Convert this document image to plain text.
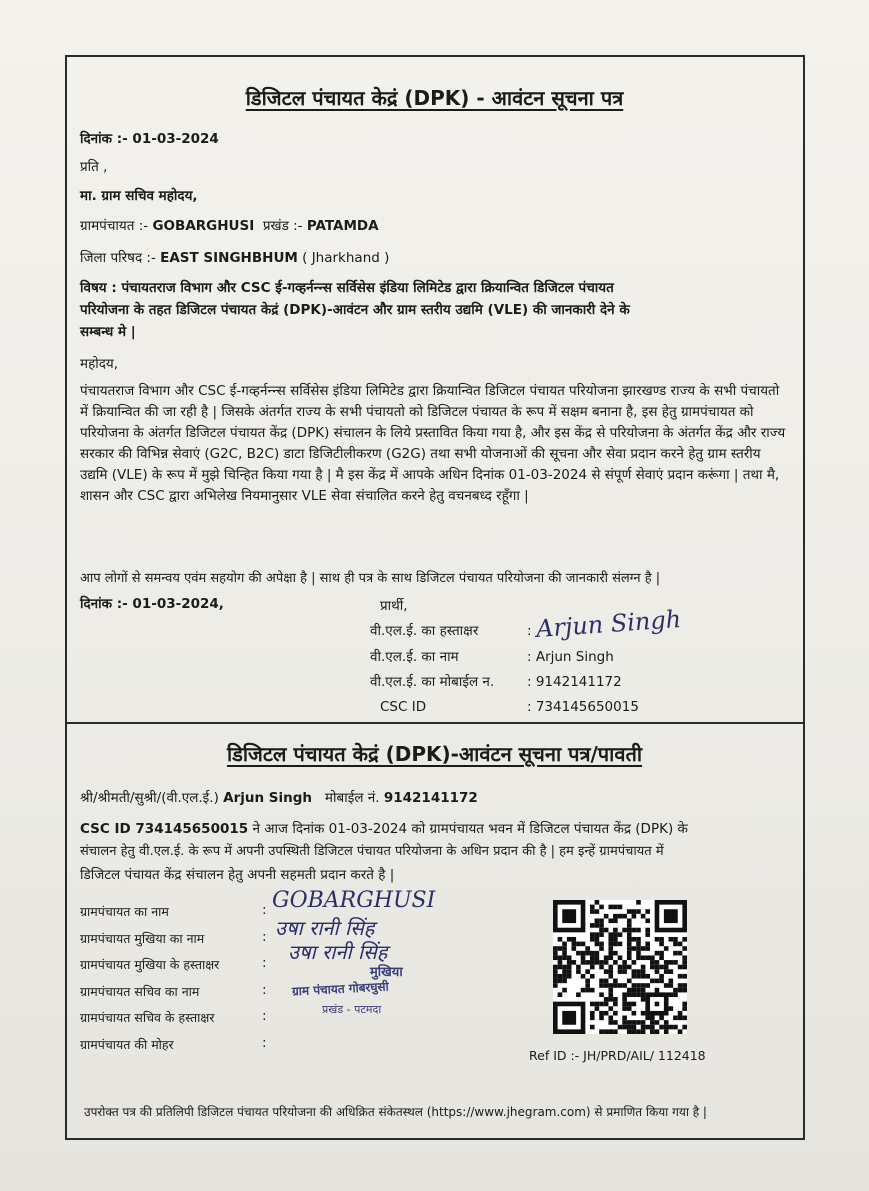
डिजिटल पंचायत केद्रं (DPK) - आवंटन सूचना पत्र
दिनांक :- 01-03-2024
प्रति ,
मा. ग्राम सचिव महोदय,
ग्रामपंचायत :- GOBARGHUSI प्रखंड :- PATAMDA
जिला परिषद :- EAST SINGHBHUM ( Jharkhand )
विषय : पंचायतराज विभाग और CSC ई-गव्हर्नन्न्स सर्विसेस इंडिया लिमिटेड द्वारा क्रियान्वित डिजिटल पंचायत
परियोजना के तहत डिजिटल पंचायत केद्रं (DPK)-आवंटन और ग्राम स्तरीय उद्यमि (VLE) की जानकारी देने के
सम्बन्ध मे |
महोदय,
पंचायतराज विभाग और CSC ई-गव्हर्नन्न्स सर्विसेस इंडिया लिमिटेड द्वारा क्रियान्वित डिजिटल पंचायत परियोजना झारखण्ड राज्य के सभी पंचायतो में क्रियान्वित की जा रही है | जिसके अंतर्गत राज्य के सभी पंचायतो को डिजिटल पंचायत के रूप में सक्षम बनाना है, इस हेतु ग्रामपंचायत को परियोजना के अंतर्गत डिजिटल पंचायत केंद्र (DPK) संचालन के लिये प्रस्तावित किया गया है, और इस केंद्र से परियोजना के अंतर्गत केंद्र और राज्य सरकार की विभिन्न सेवाएं (G2C, B2C) डाटा डिजिटीलीकरण (G2G) तथा सभी योजनाओं की सूचना और सेवा प्रदान करने हेतु ग्राम स्तरीय उद्यमि (VLE) के रूप में मुझे चिन्हित किया गया है | मै इस केंद्र में आपके अधिन दिनांक 01-03-2024 से संपूर्ण सेवाएं प्रदान करूंगा | तथा मै, शासन और CSC द्वारा अभिलेख नियमानुसार VLE सेवा संचालित करने हेतु वचनबध्द रहूँगा |
आप लोगों से समन्वय एवंम सहयोग की अपेक्षा है | साथ ही पत्र के साथ डिजिटल पंचायत परियोजना की जानकारी संलग्न है |
दिनांक :- 01-03-2024,	प्रार्थी,
वी.एल.ई. का हस्ताक्षर	: Arjun Singh
वी.एल.ई. का नाम	: Arjun Singh
वी.एल.ई. का मोबाईल न. : 9142141172
CSC ID	: 734145650015
डिजिटल पंचायत केद्रं (DPK)-आवंटन सूचना पत्र/पावती
श्री/श्रीमती/सुश्री/(वी.एल.ई.) Arjun Singh मोबाईल नं. 9142141172
CSC ID 734145650015 ने आज दिनांक 01-03-2024 को ग्रामपंचायत भवन में डिजिटल पंचायत केंद्र (DPK) के
संचालन हेतु वी.एल.ई. के रूप में अपनी उपस्थिती डिजिटल पंचायत परियोजना के अधिन प्रदान की है | हम इन्हें ग्रामपंचायत में
डिजिटल पंचायत केंद्र संचालन हेतु अपनी सहमती प्रदान करते है |
ग्रामपंचायत का नाम	: GOBARGHUSI
ग्रामपंचायत मुखिया का नाम	: उषा रानी सिंह
ग्रामपंचायत मुखिया के हस्ताक्षर	: उषा रानी सिंह
ग्रामपंचायत सचिव का नाम	:
ग्रामपंचायत सचिव के हस्ताक्षर	:
ग्रामपंचायत की मोहर	:
मुखिया
ग्राम पंचायत गोबरघुसी
प्रखंड - पटमदा
Ref ID :- JH/PRD/AIL/ 112418
उपरोक्त पत्र की प्रतिलिपी डिजिटल पंचायत परियोजना की अधिक्रित संकेतस्थल (https://www.jhegram.com) से प्रमाणित किया गया है |
